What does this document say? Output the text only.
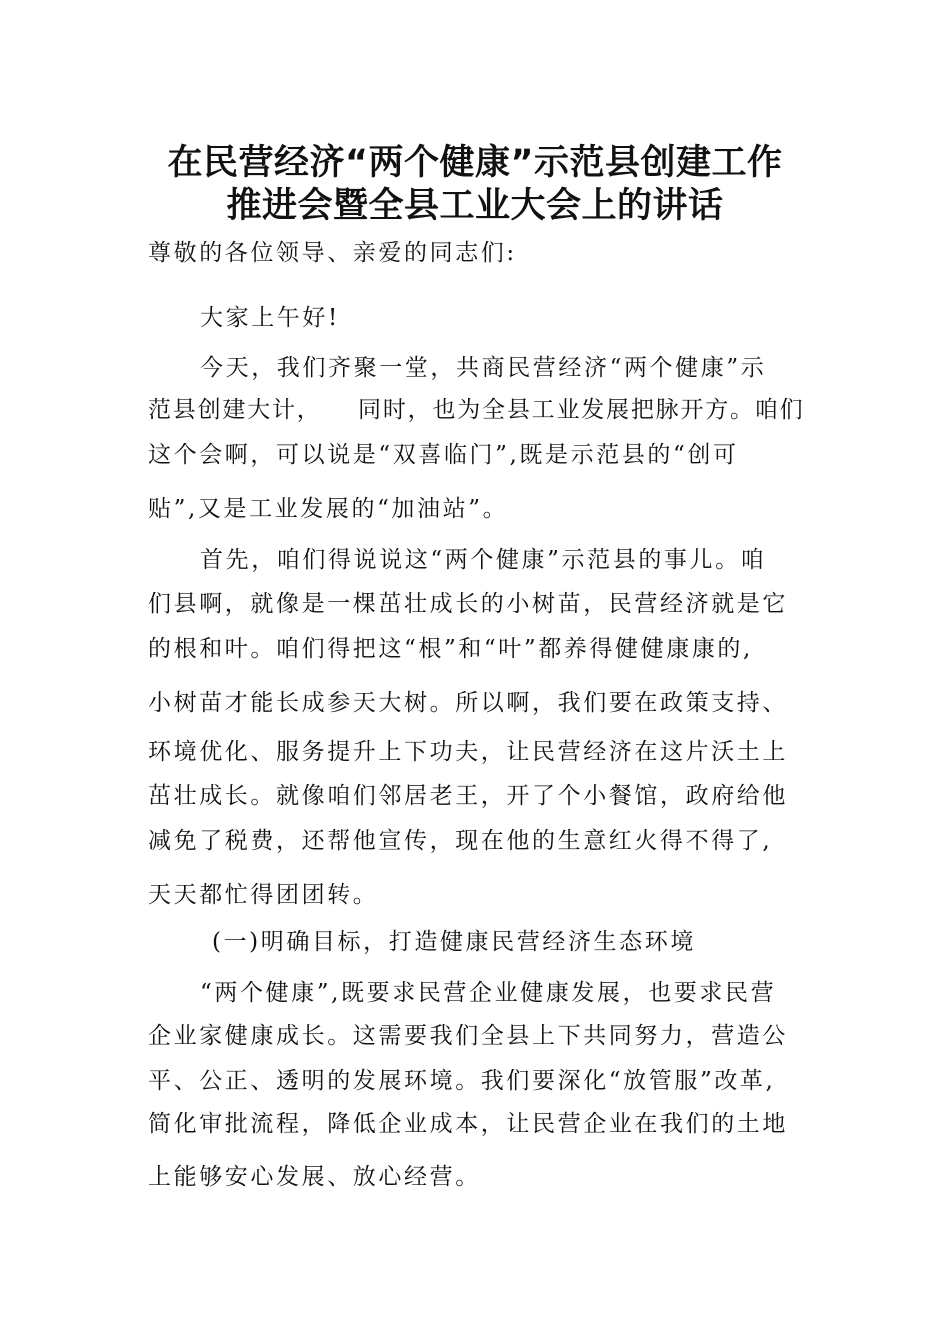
在民营经济“两个健康”示范县创建工作
推进会暨全县工业大会上的讲话
尊敬的各位领导、亲爱的同志们:
大家上午好!
今天，我们齐聚一堂，共商民营经济“两个健康”示
范县创建大计，    同时，也为全县工业发展把脉开方。咱们
这个会啊，可以说是“双喜临门”,既是示范县的“创可
贴”,又是工业发展的“加油站”。
首先，咱们得说说这“两个健康”示范县的事儿。咱
们县啊，就像是一棵茁壮成长的小树苗，民营经济就是它
的根和叶。咱们得把这“根”和“叶”都养得健健康康的,
小树苗才能长成参天大树。所以啊，我们要在政策支持、
环境优化、服务提升上下功夫，让民营经济在这片沃土上
茁壮成长。就像咱们邻居老王，开了个小餐馆，政府给他
减免了税费，还帮他宣传，现在他的生意红火得不得了,
天天都忙得团团转。
(一)明确目标，打造健康民营经济生态环境
“两个健康”,既要求民营企业健康发展，也要求民营
企业家健康成长。这需要我们全县上下共同努力，营造公
平、公正、透明的发展环境。我们要深化“放管服”改革,
简化审批流程，降低企业成本，让民营企业在我们的土地
上能够安心发展、放心经营。
